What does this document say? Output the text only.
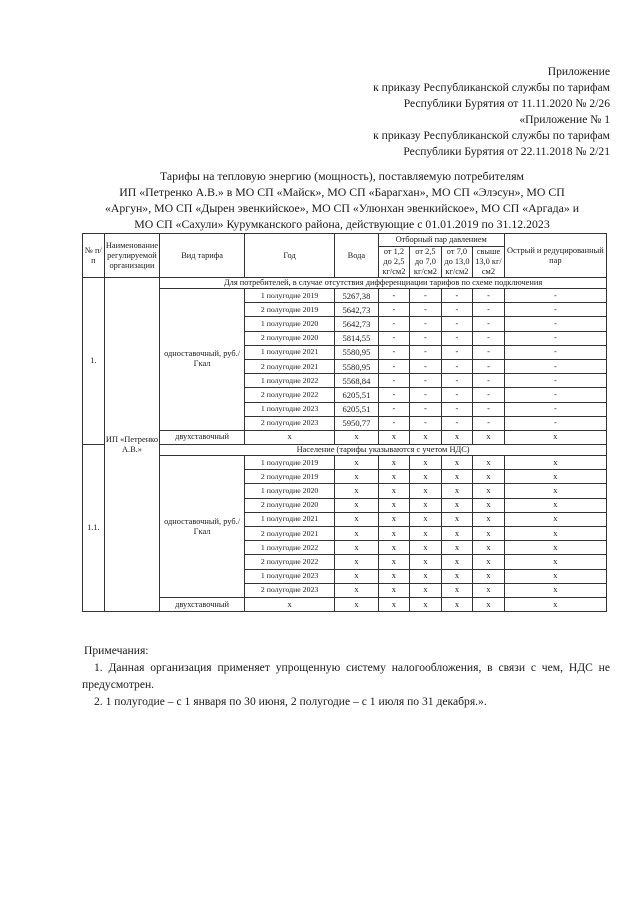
Приложение
к приказу Республиканской службы по тарифам
Республики Бурятия от 11.11.2020 № 2/26
«Приложение № 1
к приказу Республиканской службы по тарифам
Республики Бурятия от 22.11.2018 № 2/21
Тарифы на тепловую энергию (мощность), поставляемую потребителям
ИП «Петренко А.В.» в МО СП «Майск», МО СП «Барагхан», МО СП «Элэсун», МО СП
«Аргун», МО СП «Дырен эвенкийское», МО СП «Улюнхан эвенкийское», МО СП «Аргада» и
МО СП «Сахули» Курумканского района, действующие с 01.01.2019 по 31.12.2023
№ п/п	Наименование регулируемой организации	Вид тарифа	Год	Вода	Отборный пар давлением				Острый и редуцированный пар
					от 1,2 до 2,5 кг/см2	от 2,5 до 7,0 кг/см2	от 7,0 до 13,0 кг/см2	свыше 13,0 кг/см2	
1.	ИП «Петренко А.В.»	Для потребителей, в случае отсутствия дифференциации тарифов по схеме подключения							
		одноставочный, руб./Гкал	1 полугодие 2019	5267,38	-	-	-	-	-
			2 полугодие 2019	5642,73	-	-	-	-	-
			1 полугодие 2020	5642,73	-	-	-	-	-
			2 полугодие 2020	5814,55	-	-	-	-	-
			1 полугодие 2021	5580,95	-	-	-	-	-
			2 полугодие 2021	5580,95	-	-	-	-	-
			1 полугодие 2022	5568,84	-	-	-	-	-
			2 полугодие 2022	6205,51	-	-	-	-	-
			1 полугодие 2023	6205,51	-	-	-	-	-
			2 полугодие 2023	5950,77	-	-	-	-	-
		двухставочный	x	x	x	x	x	x	x
1.1.		Население (тарифы указываются с учетом НДС)							
		одноставочный, руб./Гкал	1 полугодие 2019	x	x	x	x	x	x
			2 полугодие 2019	x	x	x	x	x	x
			1 полугодие 2020	x	x	x	x	x	x
			2 полугодие 2020	x	x	x	x	x	x
			1 полугодие 2021	x	x	x	x	x	x
			2 полугодие 2021	x	x	x	x	x	x
			1 полугодие 2022	x	x	x	x	x	x
			2 полугодие 2022	x	x	x	x	x	x
			1 полугодие 2023	x	x	x	x	x	x
			2 полугодие 2023	x	x	x	x	x	x
		двухставочный	x	x	x	x	x	x	x

Примечания:

1. Данная организация применяет упрощенную систему налогообложения, в связи с чем, НДС не предусмотрен.

2. 1 полугодие – с 1 января по 30 июня, 2 полугодие – с 1 июля по 31 декабря.».
